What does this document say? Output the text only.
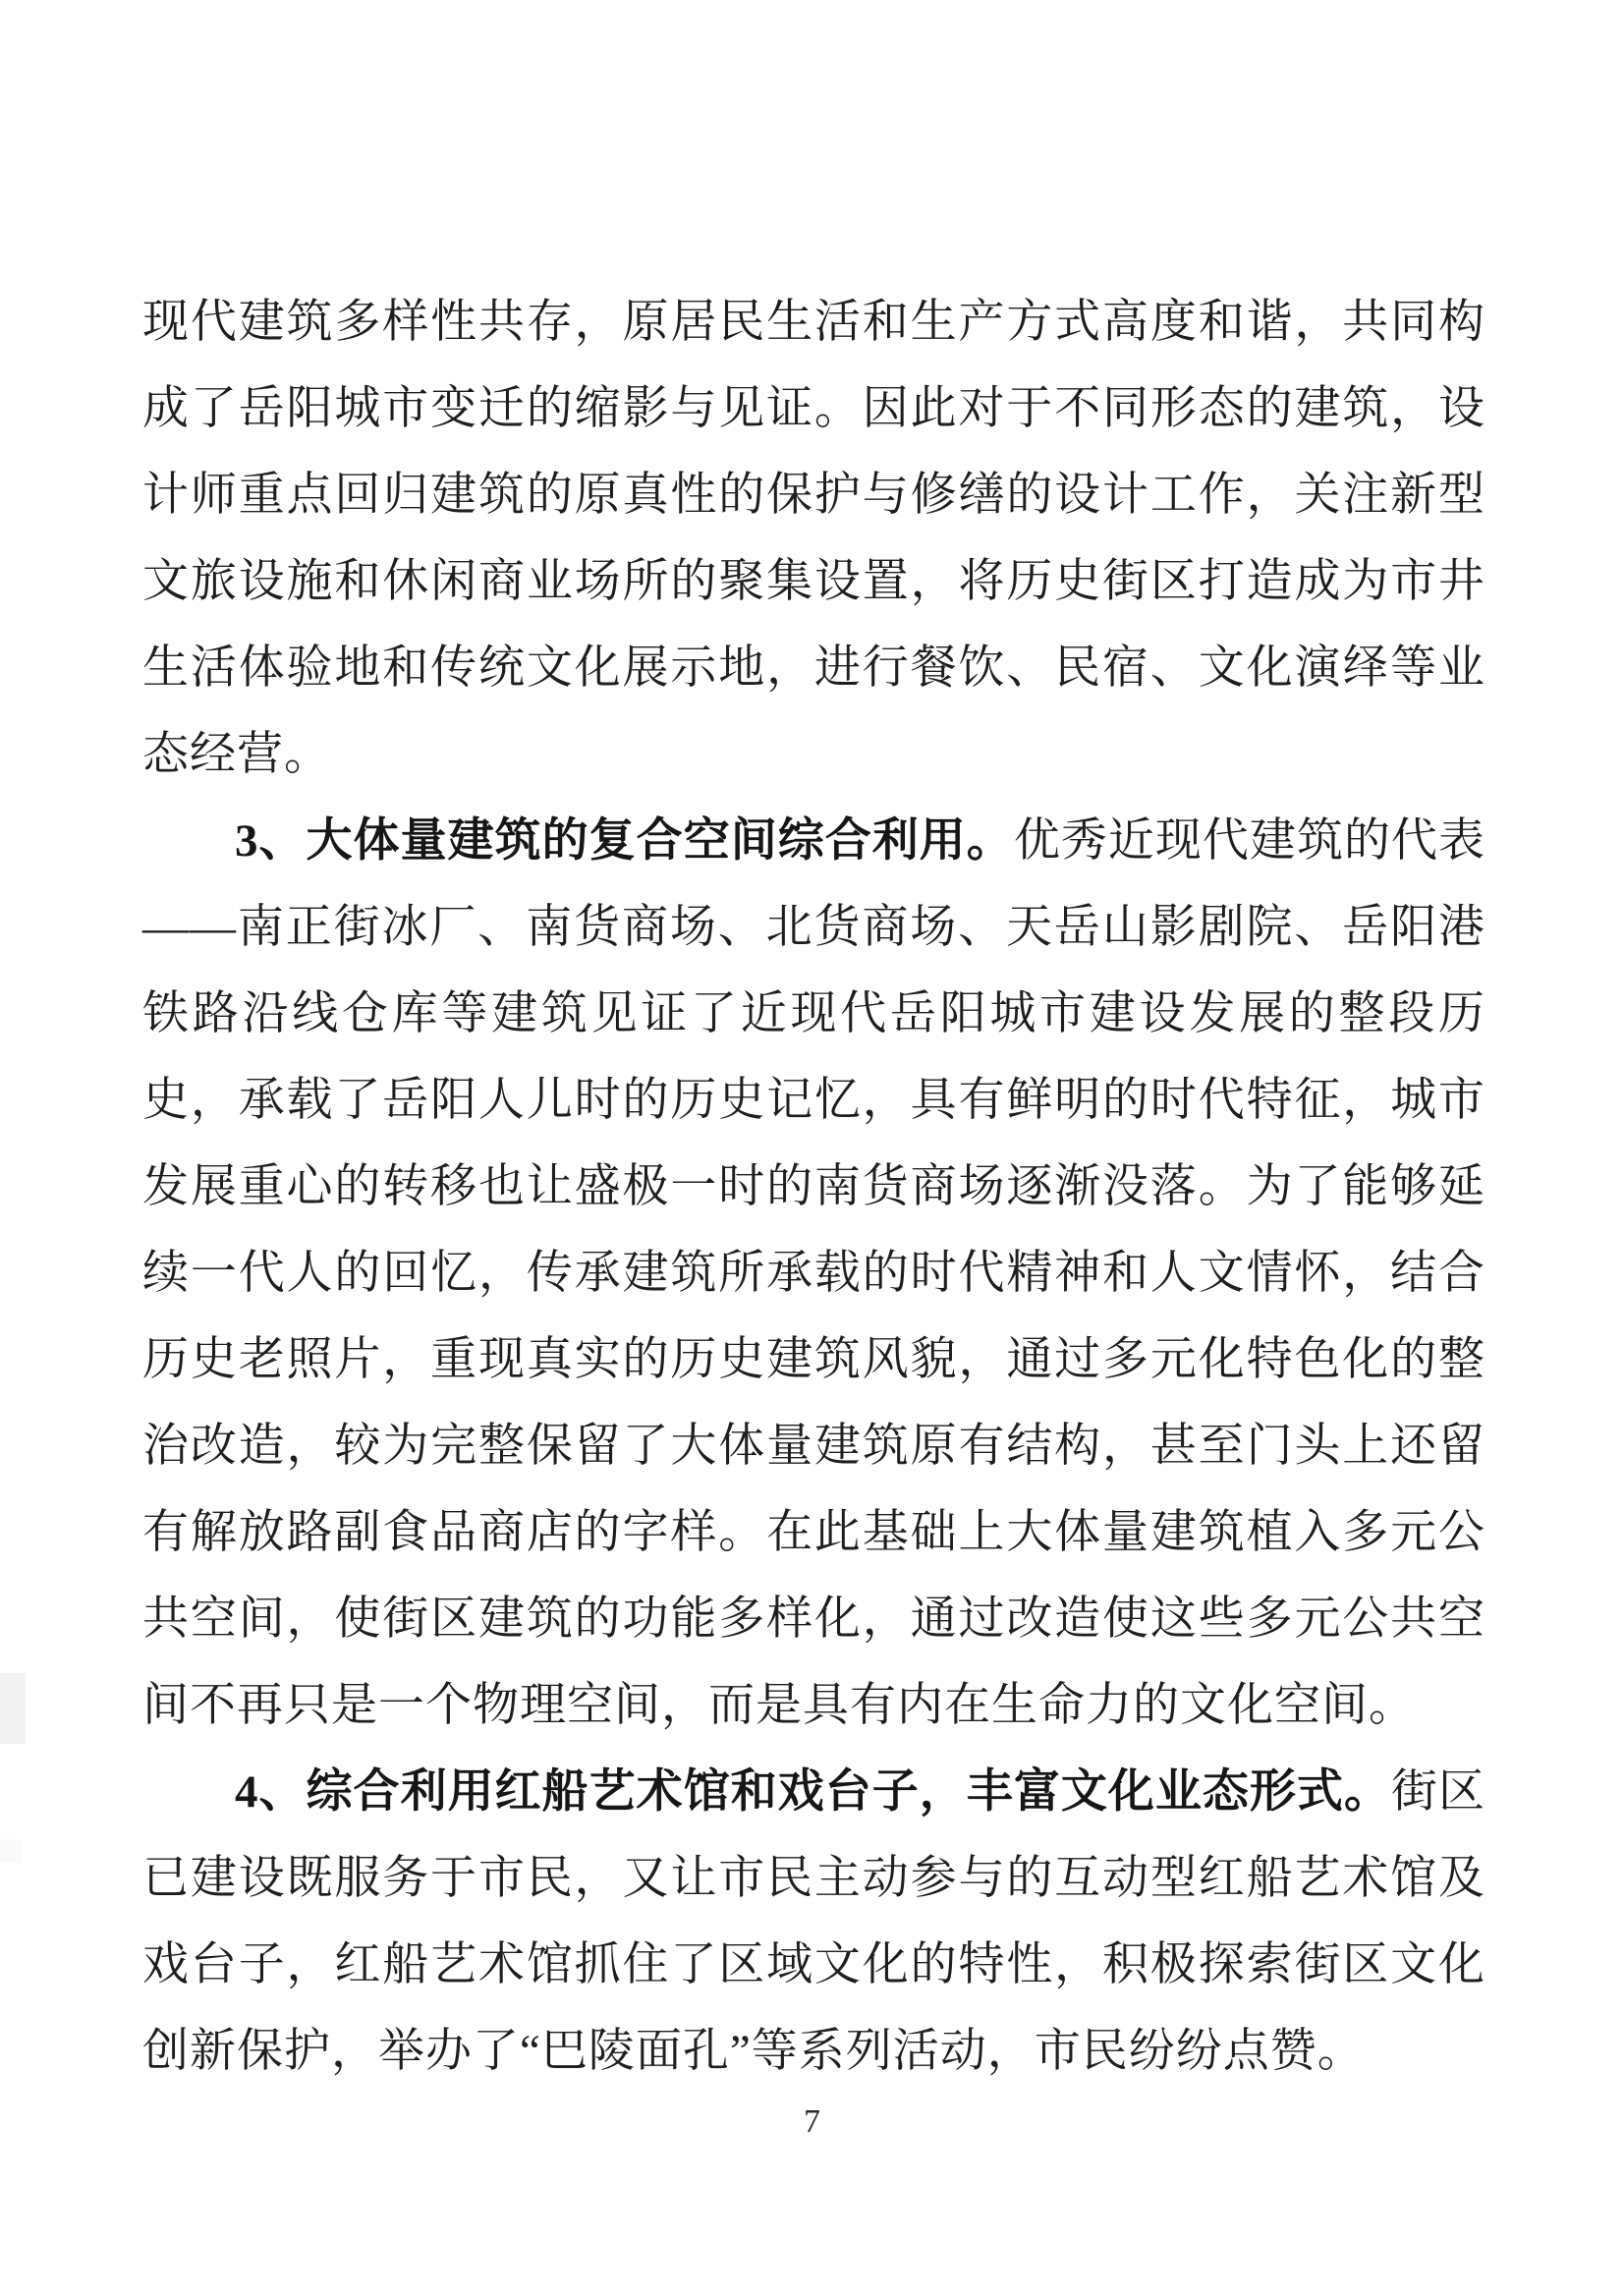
现代建筑多样性共存，原居民生活和生产方式高度和谐，共同构成了岳阳城市变迁的缩影与见证。因此对于不同形态的建筑，设计师重点回归建筑的原真性的保护与修缮的设计工作，关注新型文旅设施和休闲商业场所的聚集设置，将历史街区打造成为市井生活体验地和传统文化展示地，进行餐饮、民宿、文化演绎等业态经营。

3、大体量建筑的复合空间综合利用。优秀近现代建筑的代表——南正街冰厂、南货商场、北货商场、天岳山影剧院、岳阳港铁路沿线仓库等建筑见证了近现代岳阳城市建设发展的整段历史，承载了岳阳人儿时的历史记忆，具有鲜明的时代特征，城市发展重心的转移也让盛极一时的南货商场逐渐没落。为了能够延续一代人的回忆，传承建筑所承载的时代精神和人文情怀，结合历史老照片，重现真实的历史建筑风貌，通过多元化特色化的整治改造，较为完整保留了大体量建筑原有结构，甚至门头上还留有解放路副食品商店的字样。在此基础上大体量建筑植入多元公共空间，使街区建筑的功能多样化，通过改造使这些多元公共空间不再只是一个物理空间，而是具有内在生命力的文化空间。

4、综合利用红船艺术馆和戏台子，丰富文化业态形式。街区已建设既服务于市民，又让市民主动参与的互动型红船艺术馆及戏台子，红船艺术馆抓住了区域文化的特性，积极探索街区文化创新保护，举办了“巴陵面孔”等系列活动，市民纷纷点赞。

7
